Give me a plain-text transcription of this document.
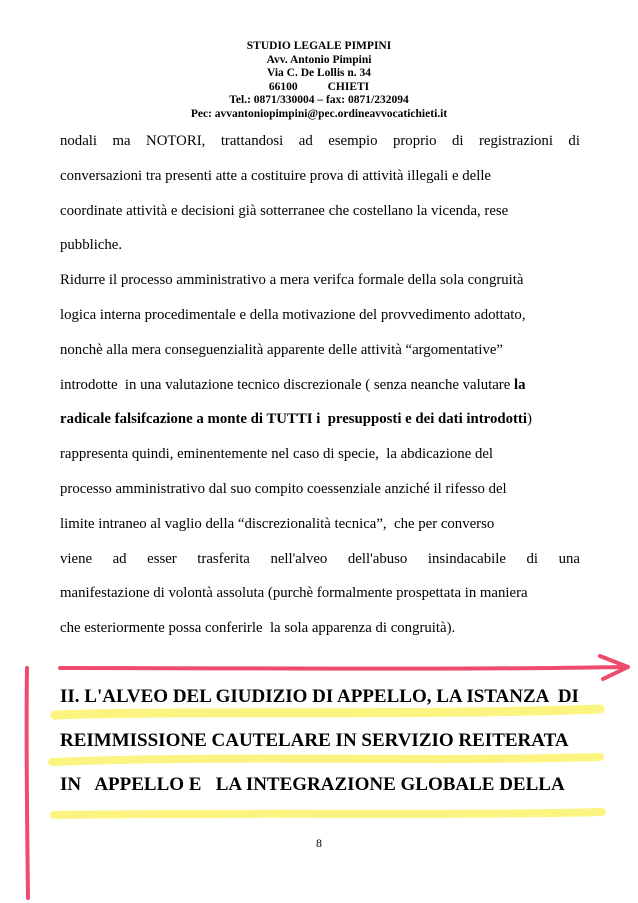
STUDIO LEGALE PIMPINI
Avv. Antonio Pimpini
Via C. De Lollis n. 34
66100	CHIETI
Tel.: 0871/330004 – fax: 0871/232094
Pec: avvantoniopimpini@pec.ordineavvocatichieti.it
nodali ma NOTORI, trattandosi ad esempio proprio di registrazioni di
conversazioni tra presenti atte a costituire prova di attività illegali e delle
coordinate attività e decisioni già sotterranee che costellano la vicenda, rese
pubbliche.
Ridurre il processo amministrativo a mera verifca formale della sola congruità
logica interna procedimentale e della motivazione del provvedimento adottato,
nonchè alla mera conseguenzialità apparente delle attività “argomentative”
introdotte  in una valutazione tecnico discrezionale ( senza neanche valutare la
radicale falsifcazione a monte di TUTTI i  presupposti e dei dati introdotti)
rappresenta quindi, eminentemente nel caso di specie,  la abdicazione del
processo amministrativo dal suo compito coessenziale anziché il rifesso del
limite intraneo al vaglio della “discrezionalità tecnica”,  che per converso
viene ad esser trasferita nell'alveo dell'abuso insindacabile di una
manifestazione di volontà assoluta (purchè formalmente prospettata in maniera
che esteriormente possa conferirle  la sola apparenza di congruità).
II. L'ALVEO DEL GIUDIZIO DI APPELLO, LA ISTANZA  DI
REIMMISSIONE CAUTELARE IN SERVIZIO REITERATA
IN   APPELLO E   LA INTEGRAZIONE GLOBALE DELLA
8
